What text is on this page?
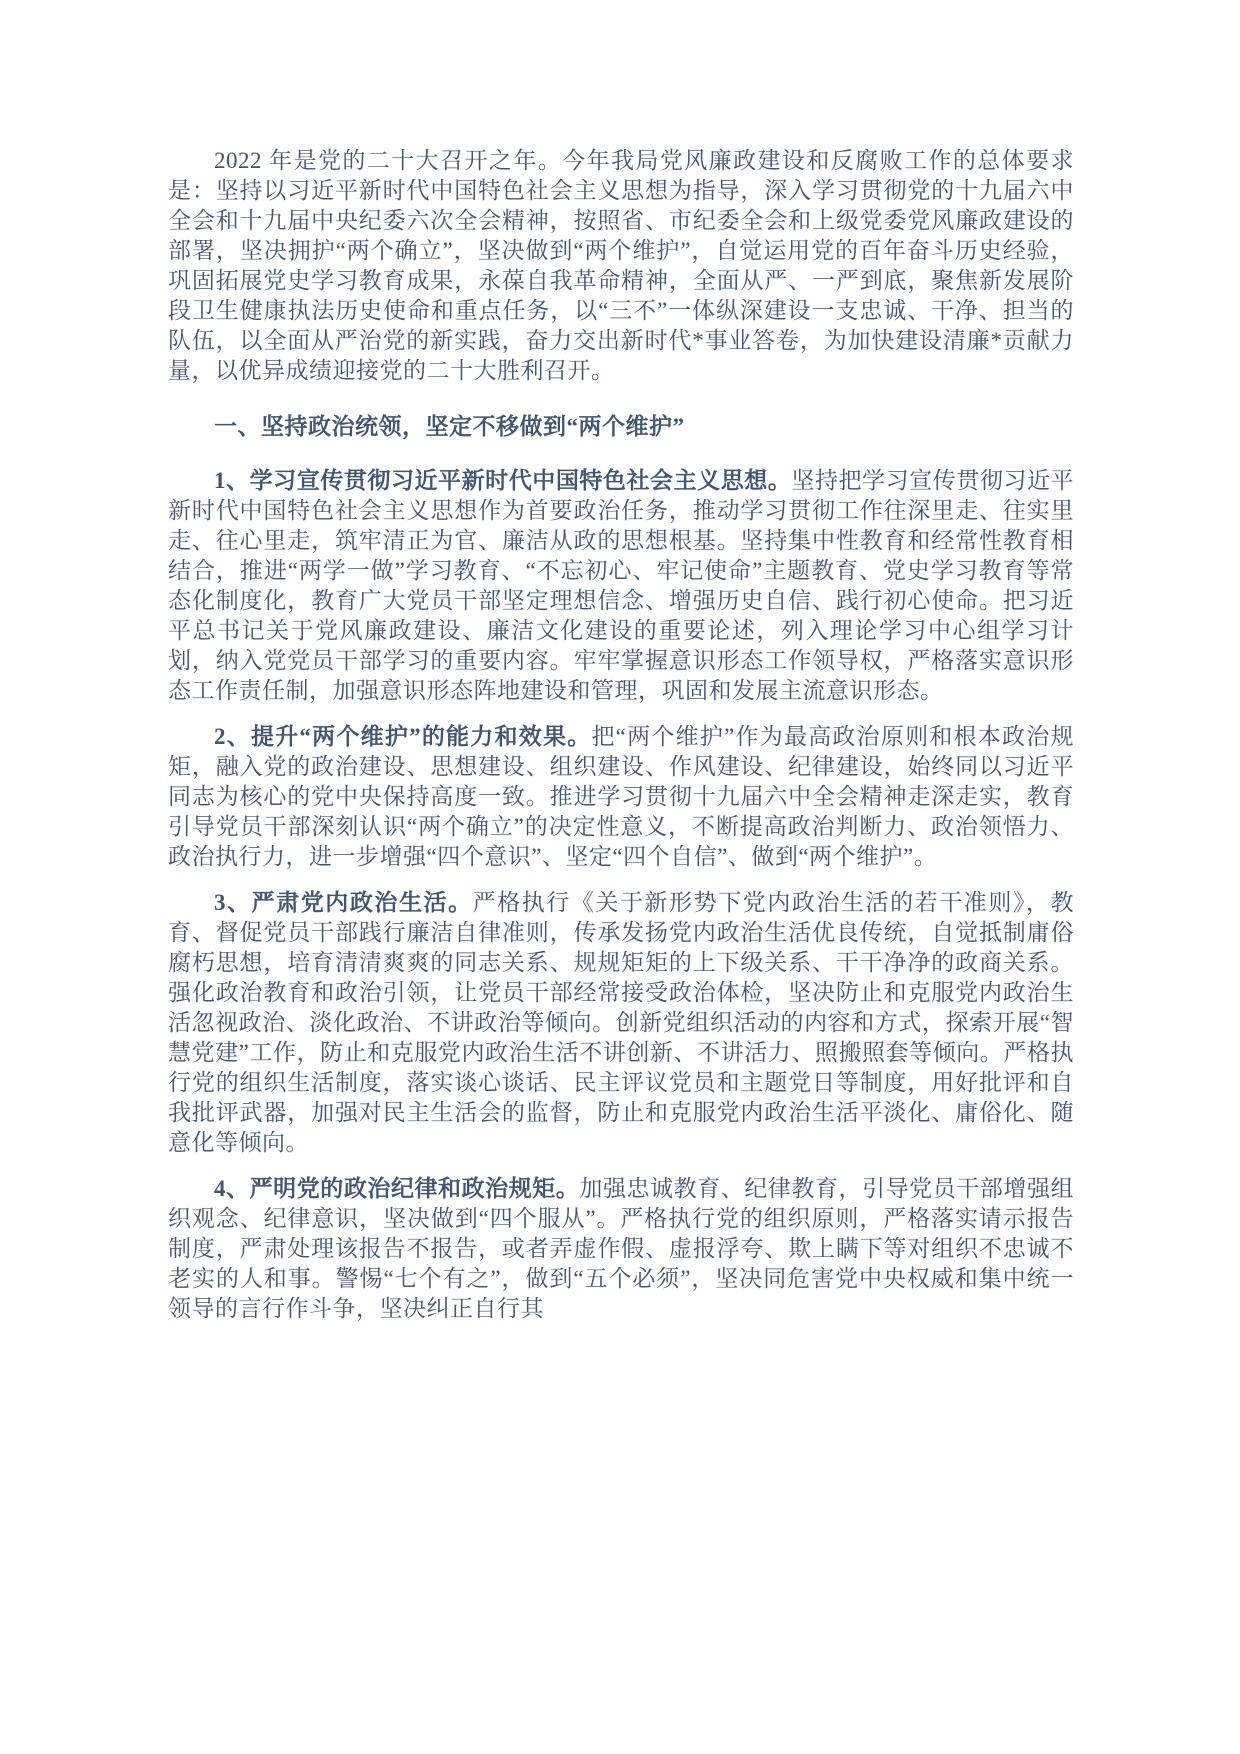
2022 年是党的二十大召开之年。今年我局党风廉政建设和反腐败工作的总体要求是：坚持以习近平新时代中国特色社会主义思想为指导，深入学习贯彻党的十九届六中全会和十九届中央纪委六次全会精神，按照省、市纪委全会和上级党委党风廉政建设的部署，坚决拥护“两个确立”，坚决做到“两个维护”，自觉运用党的百年奋斗历史经验，巩固拓展党史学习教育成果，永葆自我革命精神，全面从严、一严到底，聚焦新发展阶段卫生健康执法历史使命和重点任务，以“三不”一体纵深建设一支忠诚、干净、担当的队伍，以全面从严治党的新实践，奋力交出新时代*事业答卷，为加快建设清廉*贡献力量，以优异成绩迎接党的二十大胜利召开。

一、坚持政治统领，坚定不移做到“两个维护”

1、学习宣传贯彻习近平新时代中国特色社会主义思想。坚持把学习宣传贯彻习近平新时代中国特色社会主义思想作为首要政治任务，推动学习贯彻工作往深里走、往实里走、往心里走，筑牢清正为官、廉洁从政的思想根基。坚持集中性教育和经常性教育相结合，推进“两学一做”学习教育、“不忘初心、牢记使命”主题教育、党史学习教育等常态化制度化，教育广大党员干部坚定理想信念、增强历史自信、践行初心使命。把习近平总书记关于党风廉政建设、廉洁文化建设的重要论述，列入理论学习中心组学习计划，纳入党党员干部学习的重要内容。牢牢掌握意识形态工作领导权，严格落实意识形态工作责任制，加强意识形态阵地建设和管理，巩固和发展主流意识形态。

2、提升“两个维护”的能力和效果。把“两个维护”作为最高政治原则和根本政治规矩，融入党的政治建设、思想建设、组织建设、作风建设、纪律建设，始终同以习近平同志为核心的党中央保持高度一致。推进学习贯彻十九届六中全会精神走深走实，教育引导党员干部深刻认识“两个确立”的决定性意义，不断提高政治判断力、政治领悟力、政治执行力，进一步增强“四个意识”、坚定“四个自信”、做到“两个维护”。

3、严肃党内政治生活。严格执行《关于新形势下党内政治生活的若干准则》，教育、督促党员干部践行廉洁自律准则，传承发扬党内政治生活优良传统，自觉抵制庸俗腐朽思想，培育清清爽爽的同志关系、规规矩矩的上下级关系、干干净净的政商关系。强化政治教育和政治引领，让党员干部经常接受政治体检，坚决防止和克服党内政治生活忽视政治、淡化政治、不讲政治等倾向。创新党组织活动的内容和方式，探索开展“智慧党建”工作，防止和克服党内政治生活不讲创新、不讲活力、照搬照套等倾向。严格执行党的组织生活制度，落实谈心谈话、民主评议党员和主题党日等制度，用好批评和自我批评武器，加强对民主生活会的监督，防止和克服党内政治生活平淡化、庸俗化、随意化等倾向。

4、严明党的政治纪律和政治规矩。加强忠诚教育、纪律教育，引导党员干部增强组织观念、纪律意识，坚决做到“四个服从”。严格执行党的组织原则，严格落实请示报告制度，严肃处理该报告不报告，或者弄虚作假、虚报浮夸、欺上瞒下等对组织不忠诚不老实的人和事。警惕“七个有之”，做到“五个必须”，坚决同危害党中央权威和集中统一领导的言行作斗争，坚决纠正自行其
